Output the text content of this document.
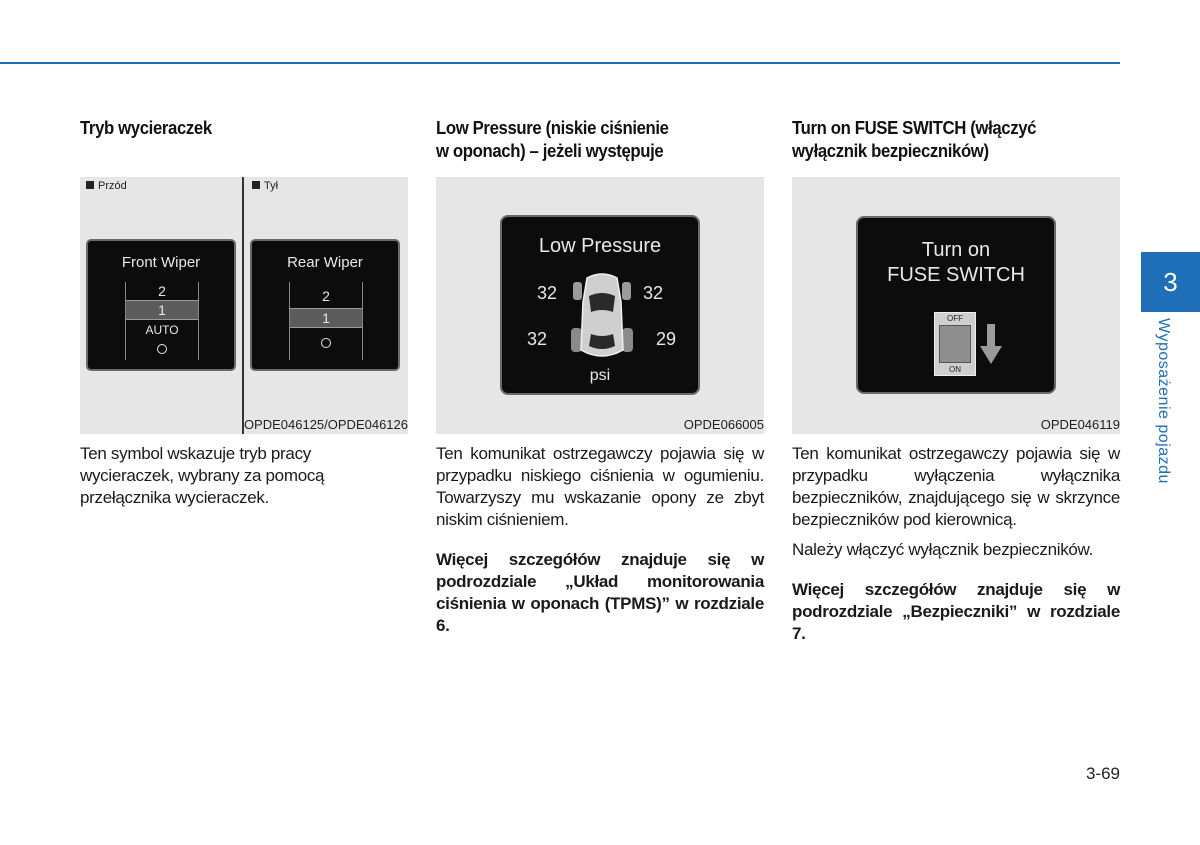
Tryb wycieraczek
Przód	Tył
Front Wiper
2
1
AUTO
Rear Wiper
2
1
OPDE046125/OPDE046126

Ten symbol wskazuje tryb pracy wycieraczek, wybrany za pomocą przełącznika wycieraczek.

Low Pressure (niskie ciśnienie
w oponach) – jeżeli występuje
Low Pressure
32	32
32	29
psi
OPDE066005

Ten komunikat ostrzegawczy pojawia się w przypadku niskiego ciśnienia w ogumieniu. Towarzyszy mu wskazanie opony ze zbyt niskim ciśnieniem.

Więcej szczegółów znajduje się w podrozdziale „Układ monitorowania ciśnienia w oponach (TPMS)” w rozdziale 6.

Turn on FUSE SWITCH (włączyć
wyłącznik bezpieczników)
Turn on
FUSE SWITCH
OFF
ON
OPDE046119

Ten komunikat ostrzegawczy pojawia się w przypadku wyłączenia wyłącznika bezpieczników, znajdującego się w skrzynce bezpieczników pod kierownicą.

Należy włączyć wyłącznik bezpieczników.

Więcej szczegółów znajduje się w podrozdziale „Bezpieczniki” w rozdziale 7.

3
Wyposażenie pojazdu
3-69
